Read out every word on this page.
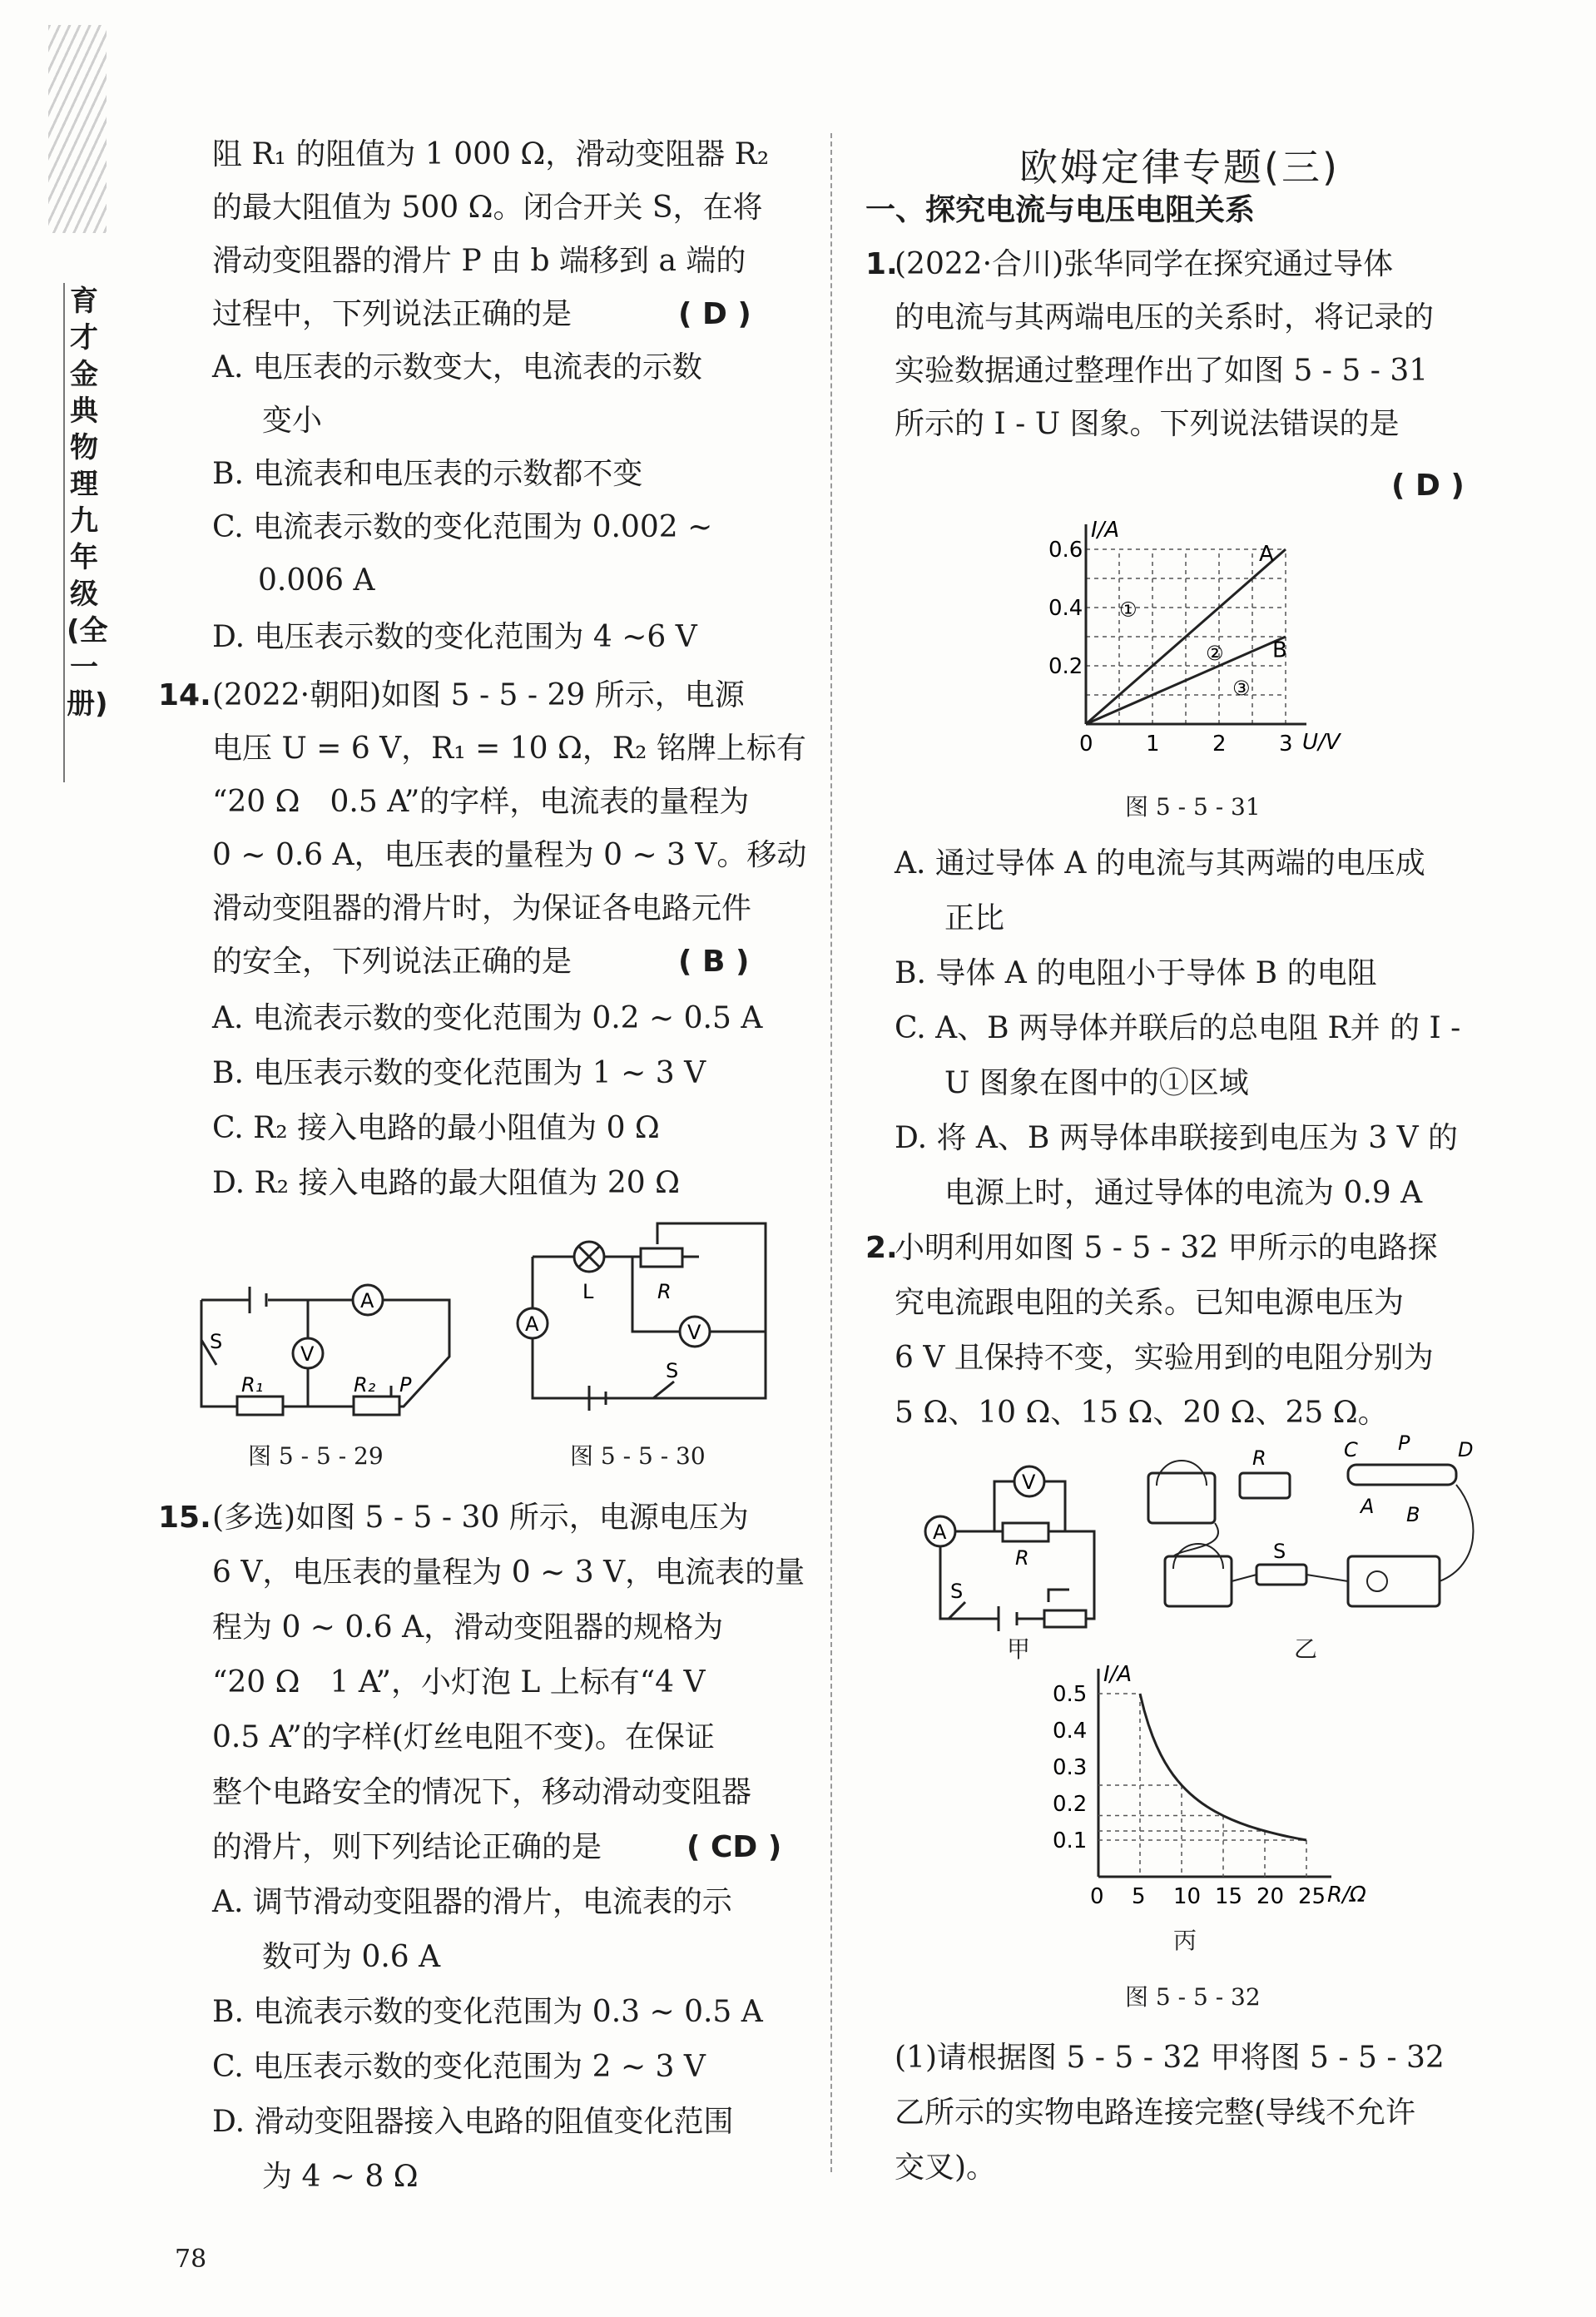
育才金典 物理 九年级(全一册)
阻 R₁ 的阻值为 1 000 Ω，滑动变阻器 R₂
的最大阻值为 500 Ω。闭合开关 S，在将
滑动变阻器的滑片 P 由 b 端移到 a 端的
过程中，下列说法正确的是	( D )
A. 电压表的示数变大，电流表的示数
变小
B. 电流表和电压表的示数都不变
C. 电流表示数的变化范围为 0.002 ~
0.006 A
D. 电压表示数的变化范围为 4 ~6 V
14. (2022·朝阳)如图 5 - 5 - 29 所示，电源
电压 U = 6 V，R₁ = 10 Ω，R₂ 铭牌上标有
“20 Ω　0.5 A”的字样，电流表的量程为
0 ~ 0.6 A，电压表的量程为 0 ~ 3 V。移动
滑动变阻器的滑片时，为保证各电路元件
的安全，下列说法正确的是	( B )
A. 电流表示数的变化范围为 0.2 ~ 0.5 A
B. 电压表示数的变化范围为 1 ~ 3 V
C. R₂ 接入电路的最小阻值为 0 Ω
D. R₂ 接入电路的最大阻值为 20 Ω
V
A
S
R₁	R₂ P
图 5 - 5 - 29
L	R
A	V
S
图 5 - 5 - 30
15. (多选)如图 5 - 5 - 30 所示，电源电压为
6 V，电压表的量程为 0 ~ 3 V，电流表的量
程为 0 ~ 0.6 A，滑动变阻器的规格为
“20 Ω　1 A”，小灯泡 L 上标有“4 V
0.5 A”的字样(灯丝电阻不变)。在保证
整个电路安全的情况下，移动滑动变阻器
的滑片，则下列结论正确的是	( CD )
A. 调节滑动变阻器的滑片，电流表的示
数可为 0.6 A
B. 电流表示数的变化范围为 0.3 ~ 0.5 A
C. 电压表示数的变化范围为 2 ~ 3 V
D. 滑动变阻器接入电路的阻值变化范围
为 4 ~ 8 Ω
78
欧姆定律专题(三)
一、探究电流与电压电阻关系
1.
(2022·合川)张华同学在探究通过导体
的电流与其两端电压的关系时，将记录的
实验数据通过整理作出了如图 5 - 5 - 31
所示的 I - U 图象。下列说法错误的是
( D )
I/A
U/V
0 1 2 3
0.2
0.4
0.6	A
B
①
②
③
图 5 - 5 - 31
A. 通过导体 A 的电流与其两端的电压成
正比
B. 导体 A 的电阻小于导体 B 的电阻
C. A、B 两导体并联后的总电阻 R并 的 I -
U 图象在图中的①区域
D. 将 A、B 两导体串联接到电压为 3 V 的
电源上时，通过导体的电流为 0.9 A
2.
小明利用如图 5 - 5 - 32 甲所示的电路探
究电流跟电阻的关系。已知电源电压为
6 V 且保持不变，实验用到的电阻分别为
5 Ω、10 Ω、15 Ω、20 Ω、25 Ω。
V
A
R
S
甲
R	C P D
A B
S
乙
I/A
R/Ω
0 5 10 15 20 25
0.1
0.2
0.3
0.4
0.5
丙
图 5 - 5 - 32
(1)请根据图 5 - 5 - 32 甲将图 5 - 5 - 32
乙所示的实物电路连接完整(导线不允许
交叉)。
